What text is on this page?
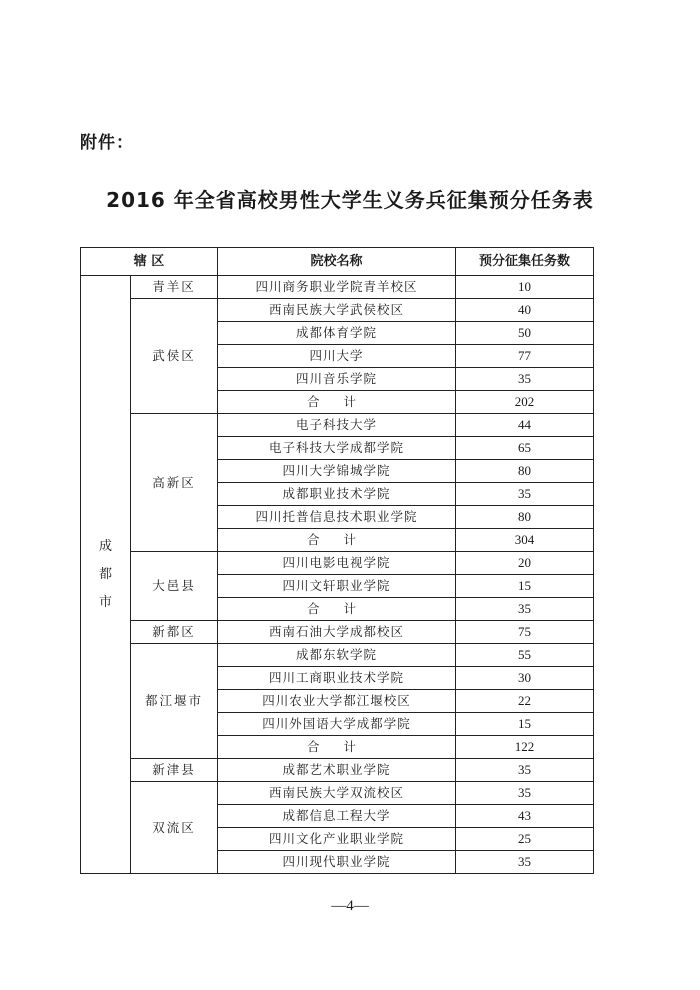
附件：
2016 年全省高校男性大学生义务兵征集预分任务表
辖 区		院校名称	预分征集任务数
成都市	青羊区	四川商务职业学院青羊校区	10
	武侯区	西南民族大学武侯校区	40
		成都体育学院	50
		四川大学	77
		四川音乐学院	35
		合 计	202
	高新区	电子科技大学	44
		电子科技大学成都学院	65
		四川大学锦城学院	80
		成都职业技术学院	35
		四川托普信息技术职业学院	80
		合 计	304
	大邑县	四川电影电视学院	20
		四川文轩职业学院	15
		合 计	35
	新都区	西南石油大学成都校区	75
	都江堰市	成都东软学院	55
		四川工商职业技术学院	30
		四川农业大学都江堰校区	22
		四川外国语大学成都学院	15
		合 计	122
	新津县	成都艺术职业学院	35
	双流区	西南民族大学双流校区	35
		成都信息工程大学	43
		四川文化产业职业学院	25
		四川现代职业学院	35
—4—
